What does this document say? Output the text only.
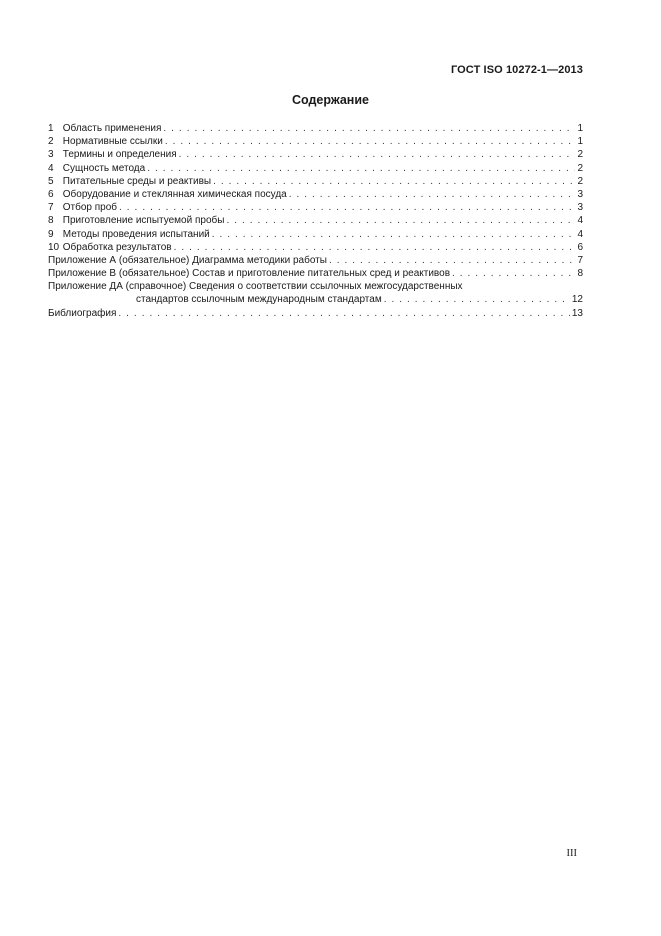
ГОСТ ISO 10272-1—2013
Содержание
1 Область применения . . .	1
2 Нормативные ссылки . . .	1
3 Термины и определения . . .	2
4 Сущность метода . . .	2
5 Питательные среды и реактивы . . .	2
6 Оборудование и стеклянная химическая посуда . . .	3
7 Отбор проб . . .	3
8 Приготовление испытуемой пробы . . .	4
9 Методы проведения испытаний . . .	4
10 Обработка результатов . . .	6
Приложение А (обязательное) Диаграмма методики работы . . .	7
Приложение В (обязательное) Состав и приготовление питательных сред и реактивов . . .	8
Приложение ДА (справочное) Сведения о соответствии ссылочных межгосударственных
стандартов ссылочным международным стандартам . . .	12
Библиография . . .	13
III
